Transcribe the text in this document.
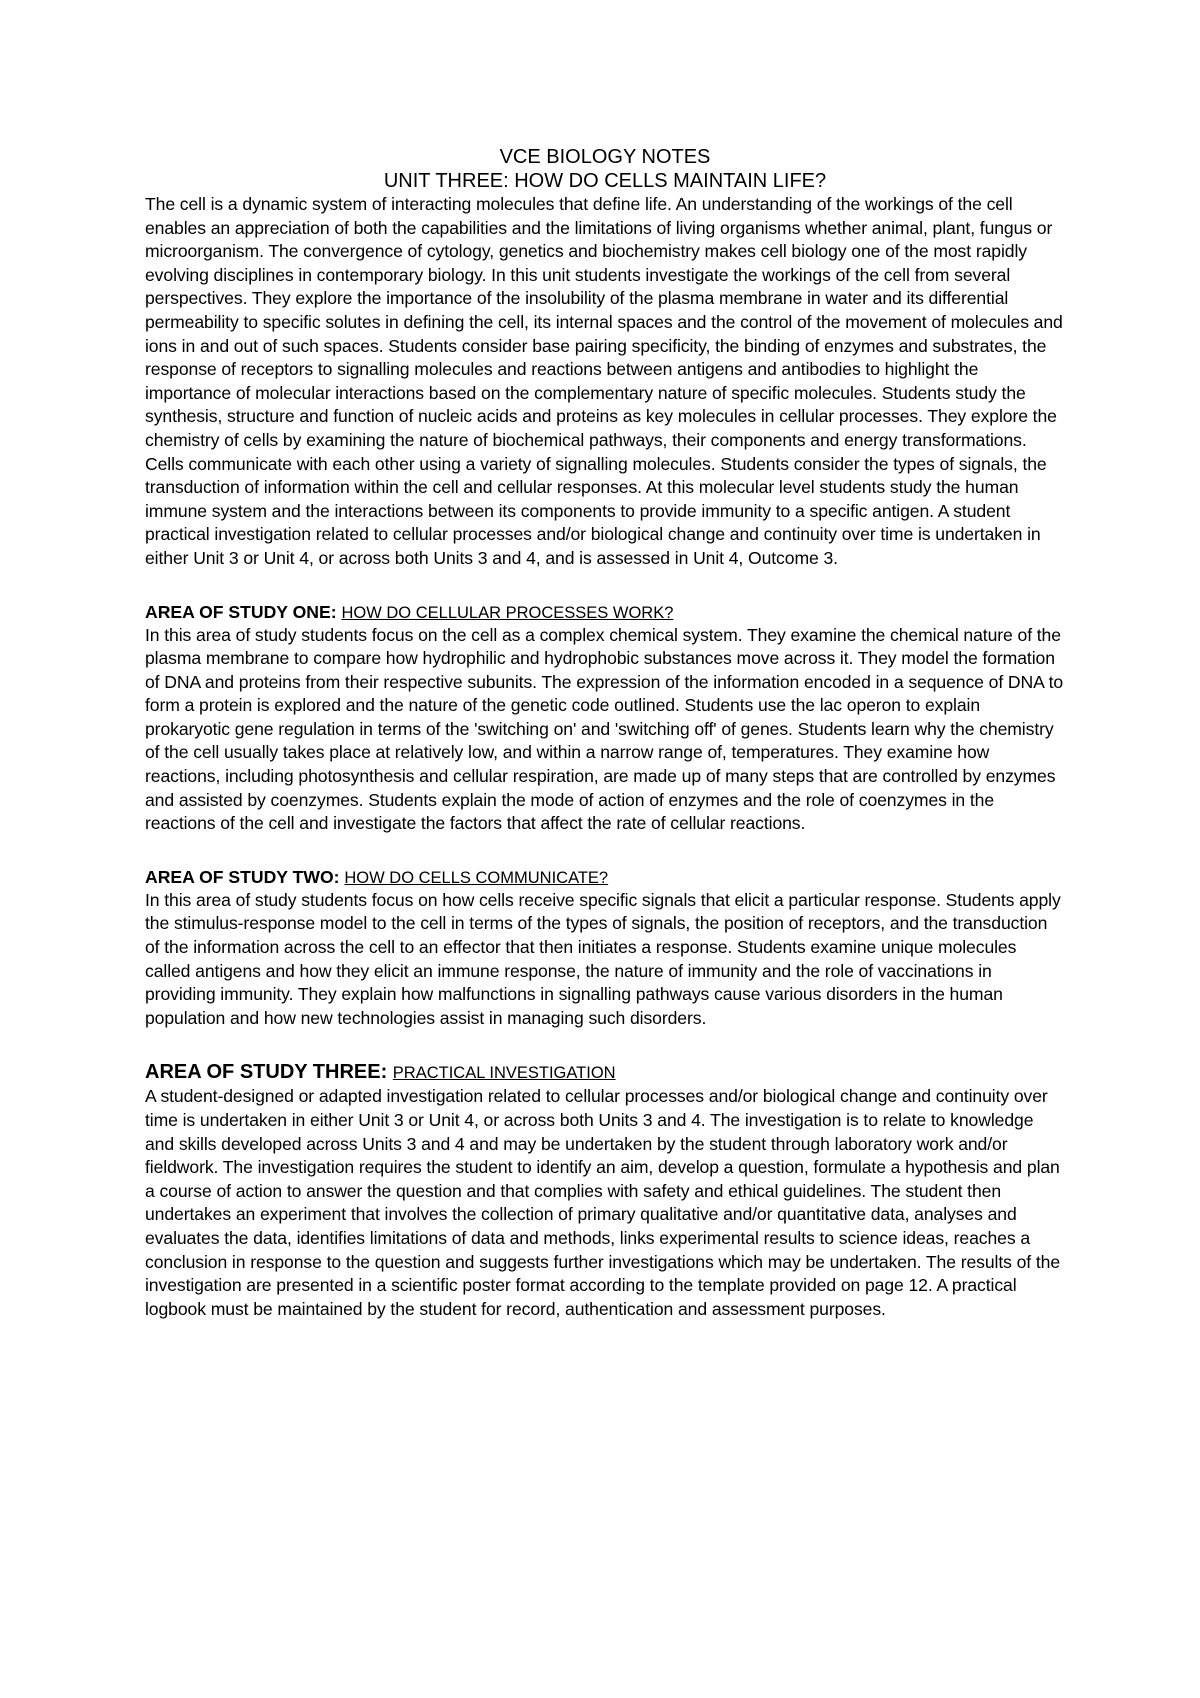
VCE BIOLOGY NOTES

UNIT THREE: HOW DO CELLS MAINTAIN LIFE?

The cell is a dynamic system of interacting molecules that define life. An understanding of the workings of the cell enables an appreciation of both the capabilities and the limitations of living organisms whether animal, plant, fungus or microorganism. The convergence of cytology, genetics and biochemistry makes cell biology one of the most rapidly evolving disciplines in contemporary biology. In this unit students investigate the workings of the cell from several perspectives. They explore the importance of the insolubility of the plasma membrane in water and its differential permeability to specific solutes in defining the cell, its internal spaces and the control of the movement of molecules and ions in and out of such spaces. Students consider base pairing specificity, the binding of enzymes and substrates, the response of receptors to signalling molecules and reactions between antigens and antibodies to highlight the importance of molecular interactions based on the complementary nature of specific molecules. Students study the synthesis, structure and function of nucleic acids and proteins as key molecules in cellular processes. They explore the chemistry of cells by examining the nature of biochemical pathways, their components and energy transformations. Cells communicate with each other using a variety of signalling molecules. Students consider the types of signals, the transduction of information within the cell and cellular responses. At this molecular level students study the human immune system and the interactions between its components to provide immunity to a specific antigen. A student practical investigation related to cellular processes and/or biological change and continuity over time is undertaken in either Unit 3 or Unit 4, or across both Units 3 and 4, and is assessed in Unit 4, Outcome 3.

AREA OF STUDY ONE: HOW DO CELLULAR PROCESSES WORK?

In this area of study students focus on the cell as a complex chemical system. They examine the chemical nature of the plasma membrane to compare how hydrophilic and hydrophobic substances move across it. They model the formation of DNA and proteins from their respective subunits. The expression of the information encoded in a sequence of DNA to form a protein is explored and the nature of the genetic code outlined. Students use the lac operon to explain prokaryotic gene regulation in terms of the 'switching on' and 'switching off' of genes. Students learn why the chemistry of the cell usually takes place at relatively low, and within a narrow range of, temperatures. They examine how reactions, including photosynthesis and cellular respiration, are made up of many steps that are controlled by enzymes and assisted by coenzymes. Students explain the mode of action of enzymes and the role of coenzymes in the reactions of the cell and investigate the factors that affect the rate of cellular reactions.

AREA OF STUDY TWO: HOW DO CELLS COMMUNICATE?

In this area of study students focus on how cells receive specific signals that elicit a particular response. Students apply the stimulus-response model to the cell in terms of the types of signals, the position of receptors, and the transduction of the information across the cell to an effector that then initiates a response. Students examine unique molecules called antigens and how they elicit an immune response, the nature of immunity and the role of vaccinations in providing immunity. They explain how malfunctions in signalling pathways cause various disorders in the human population and how new technologies assist in managing such disorders.

AREA OF STUDY THREE: PRACTICAL INVESTIGATION

A student-designed or adapted investigation related to cellular processes and/or biological change and continuity over time is undertaken in either Unit 3 or Unit 4, or across both Units 3 and 4. The investigation is to relate to knowledge and skills developed across Units 3 and 4 and may be undertaken by the student through laboratory work and/or fieldwork. The investigation requires the student to identify an aim, develop a question, formulate a hypothesis and plan a course of action to answer the question and that complies with safety and ethical guidelines. The student then undertakes an experiment that involves the collection of primary qualitative and/or quantitative data, analyses and evaluates the data, identifies limitations of data and methods, links experimental results to science ideas, reaches a conclusion in response to the question and suggests further investigations which may be undertaken. The results of the investigation are presented in a scientific poster format according to the template provided on page 12. A practical logbook must be maintained by the student for record, authentication and assessment purposes.
